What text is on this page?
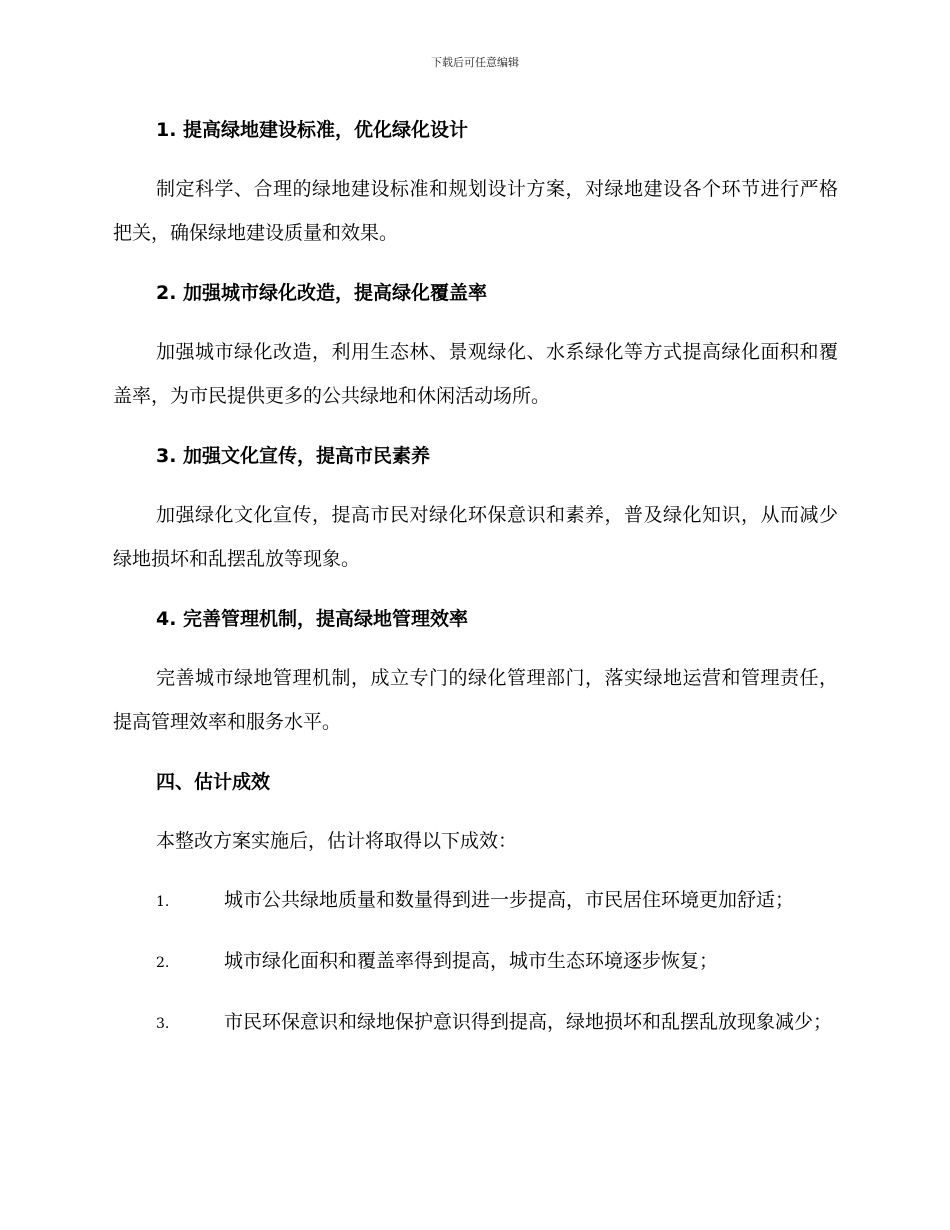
下载后可任意编辑
1. 提高绿地建设标准，优化绿化设计

制定科学、合理的绿地建设标准和规划设计方案，对绿地建设各个环节进行严格把关，确保绿地建设质量和效果。

2. 加强城市绿化改造，提高绿化覆盖率

加强城市绿化改造，利用生态林、景观绿化、水系绿化等方式提高绿化面积和覆盖率，为市民提供更多的公共绿地和休闲活动场所。

3. 加强文化宣传，提高市民素养

加强绿化文化宣传，提高市民对绿化环保意识和素养，普及绿化知识，从而减少绿地损坏和乱摆乱放等现象。

4. 完善管理机制，提高绿地管理效率

完善城市绿地管理机制，成立专门的绿化管理部门，落实绿地运营和管理责任，提高管理效率和服务水平。

四、估计成效

本整改方案实施后，估计将取得以下成效：

1.	城市公共绿地质量和数量得到进一步提高，市民居住环境更加舒适；

2.	城市绿化面积和覆盖率得到提高，城市生态环境逐步恢复；

3.	市民环保意识和绿地保护意识得到提高，绿地损坏和乱摆乱放现象减少；
